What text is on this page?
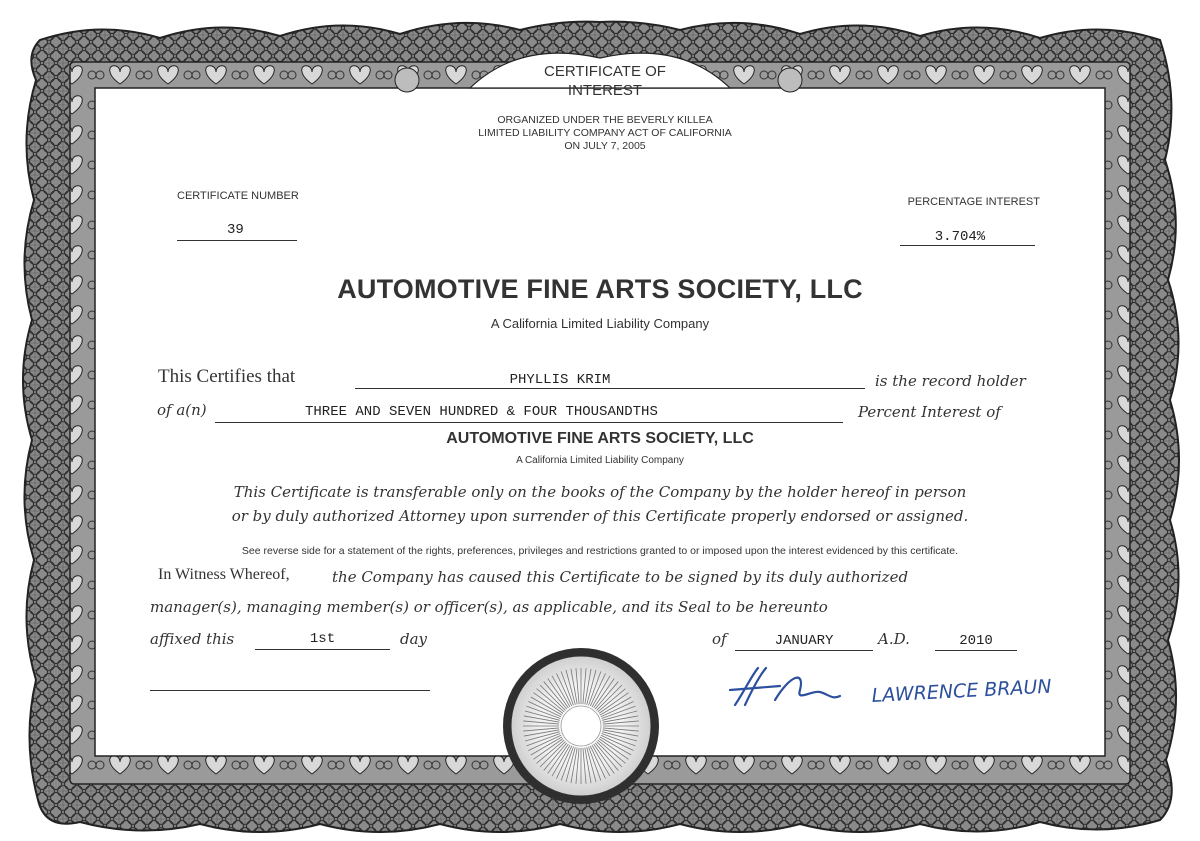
LAWRENCE BRAUN
CERTIFICATE OF
INTEREST
ORGANIZED UNDER THE BEVERLY KILLEA
LIMITED LIABILITY COMPANY ACT OF CALIFORNIA
ON JULY 7, 2005
CERTIFICATE NUMBER
39
PERCENTAGE INTEREST
3.704%
AUTOMOTIVE FINE ARTS SOCIETY, LLC
A California Limited Liability Company
This Certifies that	PHYLLIS KRIM	is the record holder
of a(n)	THREE AND SEVEN HUNDRED & FOUR THOUSANDTHS	Percent Interest of
AUTOMOTIVE FINE ARTS SOCIETY, LLC
A California Limited Liability Company
This Certificate is transferable only on the books of the Company by the holder hereof in person
or by duly authorized Attorney upon surrender of this Certificate properly endorsed or assigned.
See reverse side for a statement of the rights, preferences, privileges and restrictions granted to or imposed upon the interest evidenced by this certificate.
In Witness Whereof,	the Company has caused this Certificate to be signed by its duly authorized
manager(s), managing member(s) or officer(s), as applicable, and its Seal to be hereunto
affixed this	1st	day	of	JANUARY	A.D.	2010
